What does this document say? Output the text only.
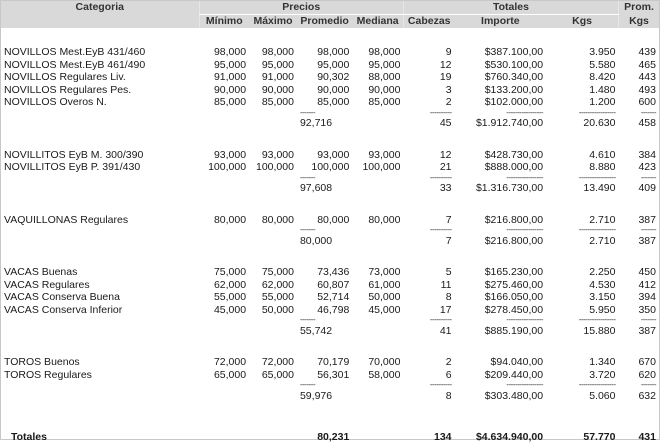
Categoria	Precios				Totales			Prom.
	Mínimo	Máximo	Promedio	Mediana	Cabezas	Importe	Kgs	Kgs

NOVILLOS Mest.EyB 431/460	98,000	98,000	98,000	98,000	9	$387.100,00	3.950	439
NOVILLOS Mest.EyB 461/490	95,000	95,000	95,000	95,000	12	$530.100,00	5.580	465
NOVILLOS Regulares Liv.	91,000	91,000	90,302	88,000	19	$760.340,00	8.420	443
NOVILLOS Regulares Pes.	90,000	90,000	90,000	90,000	3	$133.200,00	1.480	493
NOVILLOS Overos N.	85,000	85,000	85,000	85,000	2	$102.000,00	1.200	600
			-------		----------	-----------------	-----------------	-------
			92,716		45	$1.912.740,00	20.630	458

NOVILLITOS EyB M. 300/390	93,000	93,000	93,000	93,000	12	$428.730,00	4.610	384
NOVILLITOS EyB P. 391/430	100,000	100,000	100,000	100,000	21	$888.000,00	8.880	423
			-------		----------	-----------------	-----------------	-------
			97,608		33	$1.316.730,00	13.490	409

VAQUILLONAS Regulares	80,000	80,000	80,000	80,000	7	$216.800,00	2.710	387
			-------		----------	-----------------	-----------------	-------
			80,000		7	$216.800,00	2.710	387

VACAS Buenas	75,000	75,000	73,436	73,000	5	$165.230,00	2.250	450
VACAS Regulares	62,000	62,000	60,807	61,000	11	$275.460,00	4.530	412
VACAS Conserva Buena	55,000	55,000	52,714	50,000	8	$166.050,00	3.150	394
VACAS Conserva Inferior	45,000	50,000	46,798	45,000	17	$278.450,00	5.950	350
			-------		----------	-----------------	-----------------	-------
			55,742		41	$885.190,00	15.880	387

TOROS Buenos	72,000	72,000	70,179	70,000	2	$94.040,00	1.340	670
TOROS Regulares	65,000	65,000	56,301	58,000	6	$209.440,00	3.720	620
			-------		----------	-----------------	-----------------	-------
			59,976		8	$303.480,00	5.060	632

Totales			80,231		134	$4.634.940,00	57.770	431
